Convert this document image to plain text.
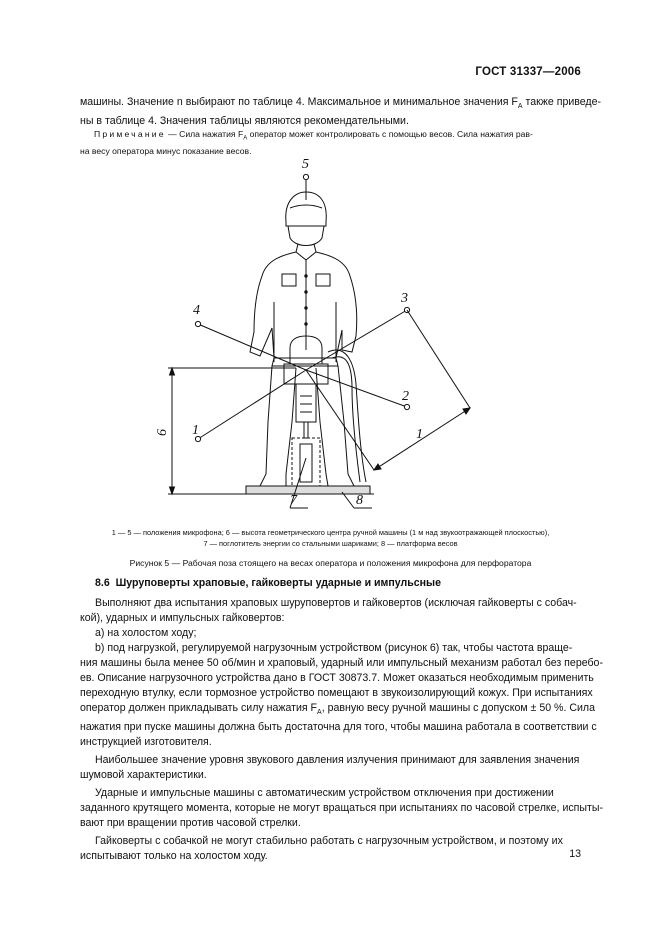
ГОСТ 31337—2006
машины. Значение n выбирают по таблице 4. Максимальное и минимальное значения $F_A$ также приведе-
ны в таблице 4. Значения таблицы являются рекомендательными.
Примечание — Сила нажатия $F_A$ оператор может контролировать с помощью весов. Сила нажатия рав-
на весу оператора минус показание весов.
5
4
3
2
1
6	1
7	8
1 — 5 — положения микрофона; 6 — высота геометрического центра ручной машины (1 м над звукоотражающей плоскостью),
7 — поглотитель энергии со стальными шариками; 8 — платформа весов
Рисунок 5 — Рабочая поза стоящего на весах оператора и положения микрофона для перфоратора
8.6 Шуруповерты храповые, гайковерты ударные и импульсные
Выполняют два испытания храповых шуруповертов и гайковертов (исключая гайковерты с собач-
кой), ударных и импульсных гайковертов:
a) на холостом ходу;
b) под нагрузкой, регулируемой нагрузочным устройством (рисунок 6) так, чтобы частота враще-
ния машины была менее 50 об/мин и храповый, ударный или импульсный механизм работал без перебо-
ев. Описание нагрузочного устройства дано в ГОСТ 30873.7. Может оказаться необходимым применить
переходную втулку, если тормозное устройство помещают в звукоизолирующий кожух. При испытаниях
оператор должен прикладывать силу нажатия $F_A$, равную весу ручной машины с допуском ± 50 %. Сила
нажатия при пуске машины должна быть достаточна для того, чтобы машина работала в соответствии с
инструкцией изготовителя.
Наибольшее значение уровня звукового давления излучения принимают для заявления значения
шумовой характеристики.
Ударные и импульсные машины с автоматическим устройством отключения при достижении
заданного крутящего момента, которые не могут вращаться при испытаниях по часовой стрелке, испыты-
вают при вращении против часовой стрелки.
Гайковерты с собачкой не могут стабильно работать с нагрузочным устройством, и поэтому их
испытывают только на холостом ходу.	13
